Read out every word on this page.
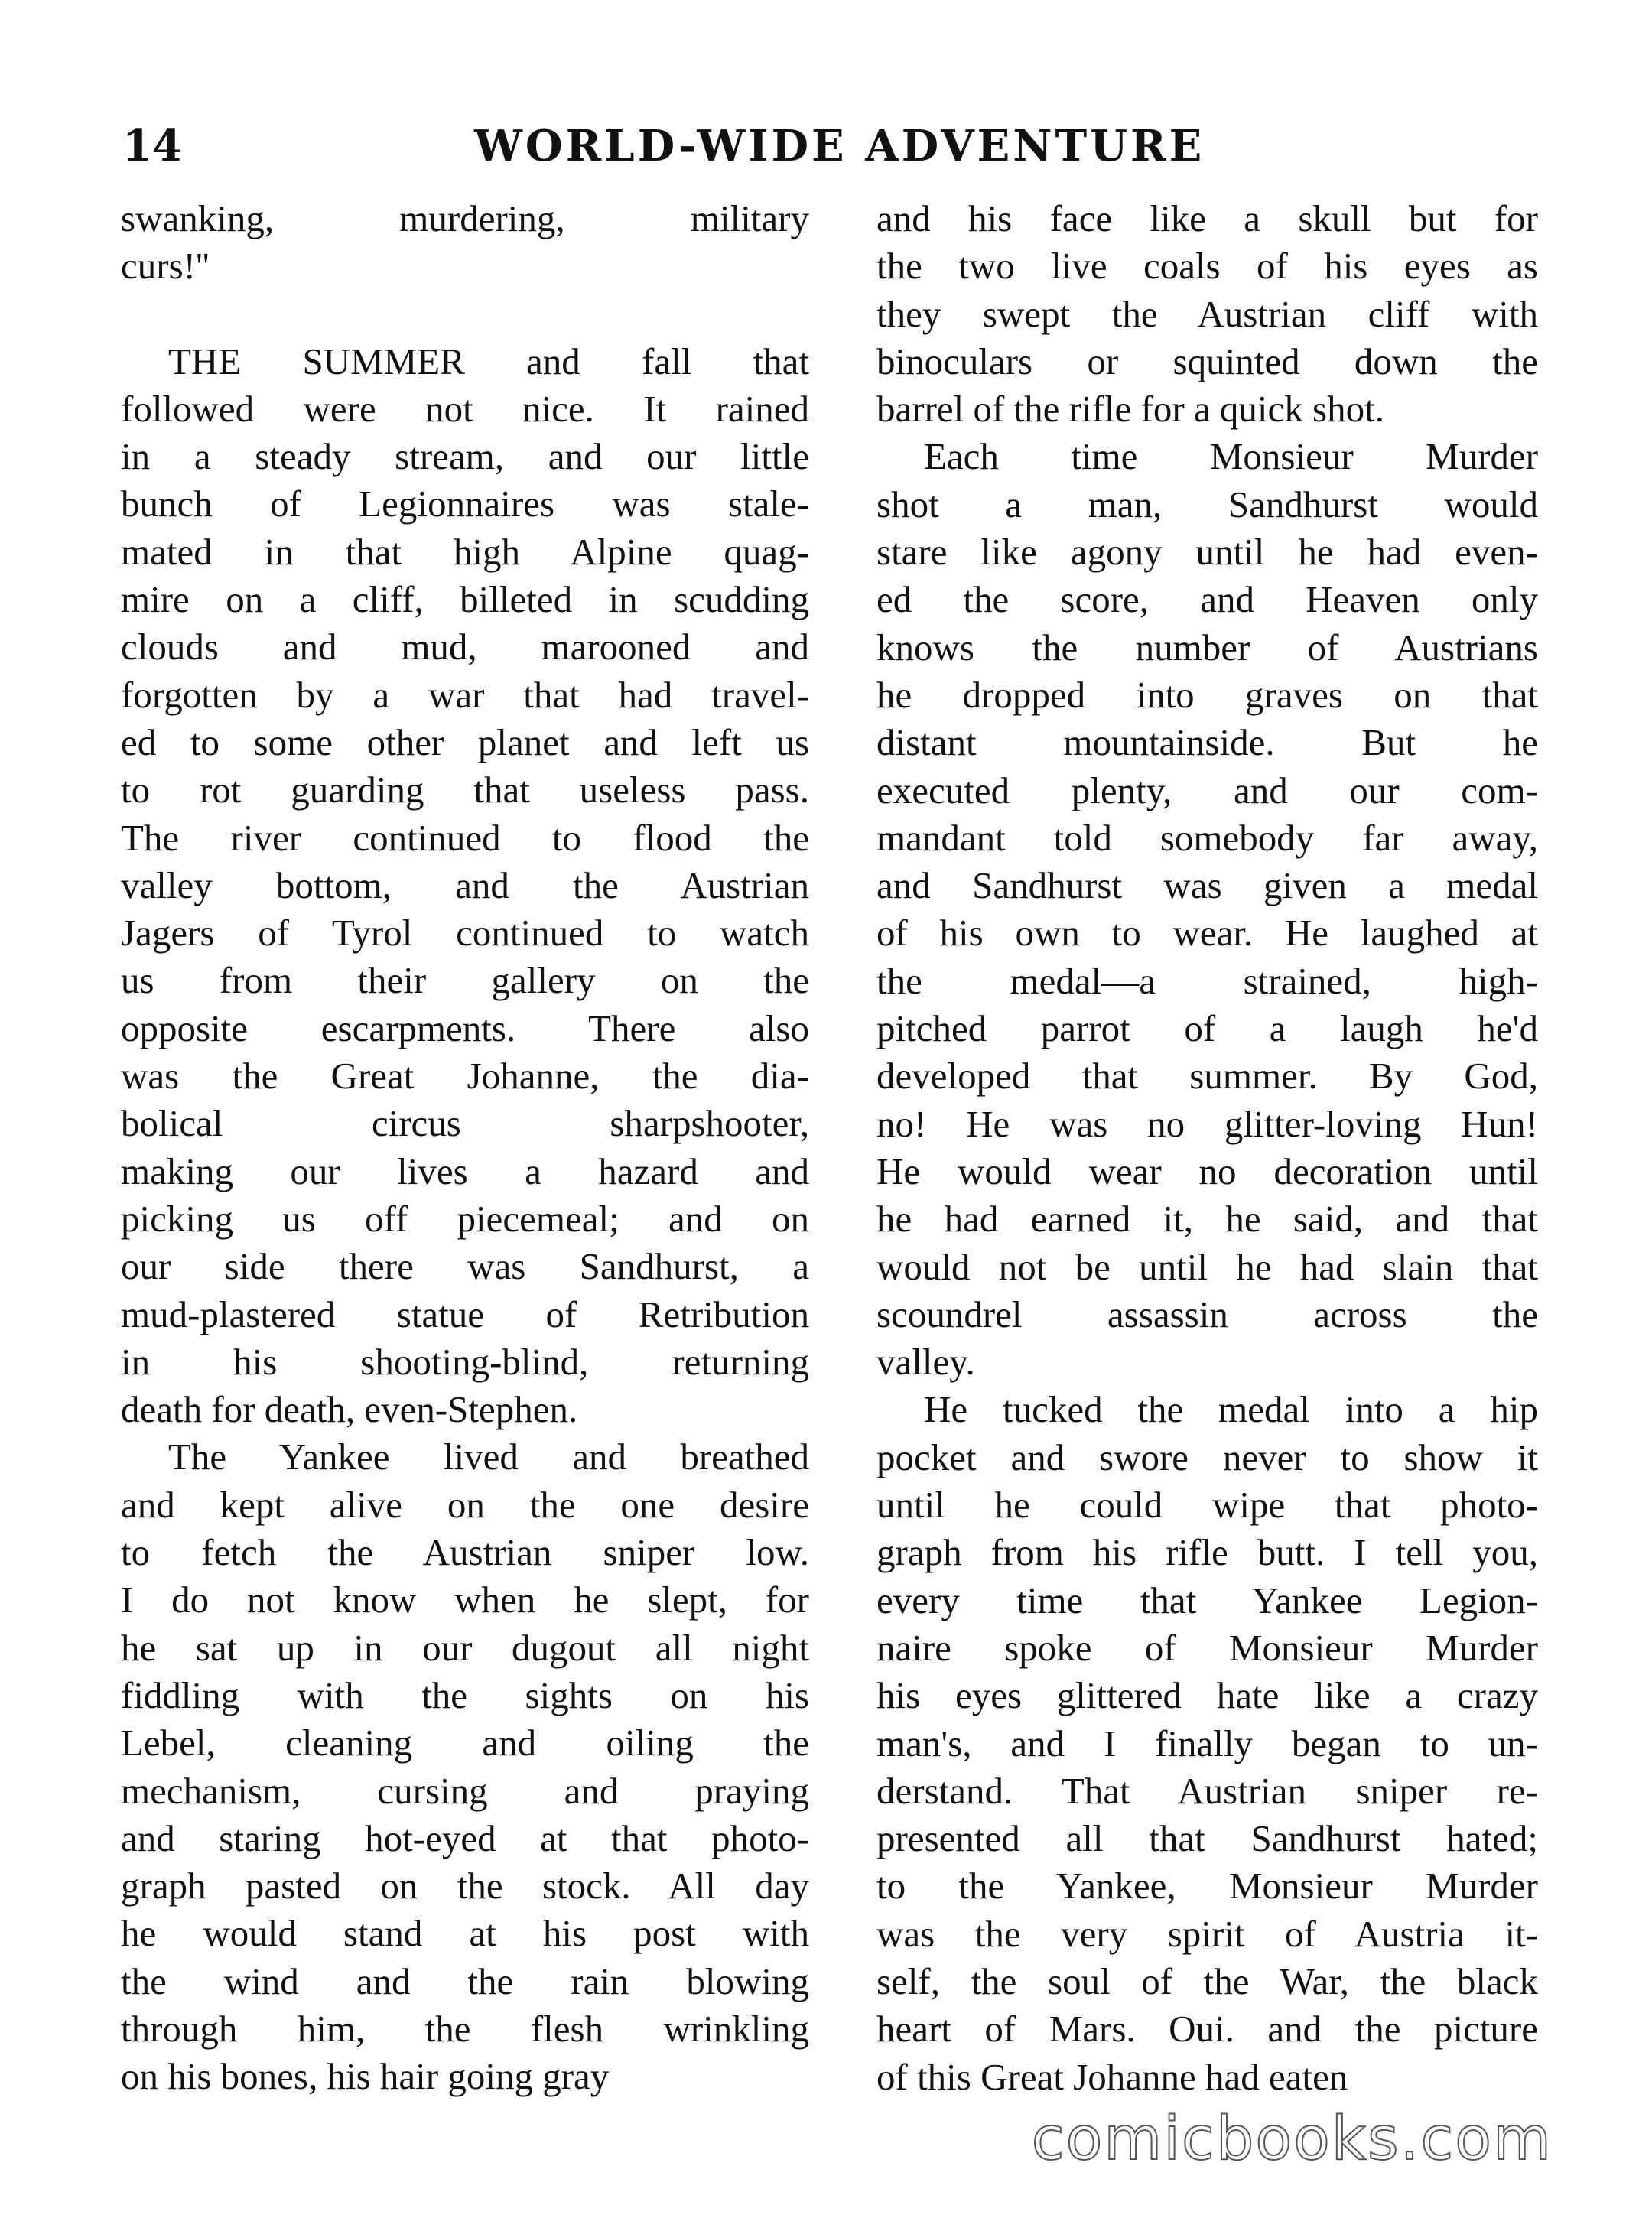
14	WORLD-WIDE ADVENTURE
swanking, murdering, military
curs!''
THE SUMMER and fall that
followed were not nice. It rained
in a steady stream, and our little
bunch of Legionnaires was stale-
mated in that high Alpine quag-
mire on a cliff, billeted in scudding
clouds and mud, marooned and
forgotten by a war that had travel-
ed to some other planet and left us
to rot guarding that useless pass.
The river continued to flood the
valley bottom, and the Austrian
Jagers of Tyrol continued to watch
us from their gallery on the
opposite escarpments. There also
was the Great Johanne, the dia-
bolical circus sharpshooter,
making our lives a hazard and
picking us off piecemeal; and on
our side there was Sandhurst, a
mud-plastered statue of Retribution
in his shooting-blind, returning
death for death, even-Stephen.
The Yankee lived and breathed
and kept alive on the one desire
to fetch the Austrian sniper low.
I do not know when he slept, for
he sat up in our dugout all night
fiddling with the sights on his
Lebel, cleaning and oiling the
mechanism, cursing and praying
and staring hot-eyed at that photo-
graph pasted on the stock. All day
he would stand at his post with
the wind and the rain blowing
through him, the flesh wrinkling
on his bones, his hair going gray
and his face like a skull but for
the two live coals of his eyes as
they swept the Austrian cliff with
binoculars or squinted down the
barrel of the rifle for a quick shot.
Each time Monsieur Murder
shot a man, Sandhurst would
stare like agony until he had even-
ed the score, and Heaven only
knows the number of Austrians
he dropped into graves on that
distant mountainside. But he
executed plenty, and our com-
mandant told somebody far away,
and Sandhurst was given a medal
of his own to wear. He laughed at
the medal—a strained, high-
pitched parrot of a laugh he'd
developed that summer. By God,
no! He was no glitter-loving Hun!
He would wear no decoration until
he had earned it, he said, and that
would not be until he had slain that
scoundrel assassin across the
valley.
He tucked the medal into a hip
pocket and swore never to show it
until he could wipe that photo-
graph from his rifle butt. I tell you,
every time that Yankee Legion-
naire spoke of Monsieur Murder
his eyes glittered hate like a crazy
man's, and I finally began to un-
derstand. That Austrian sniper re-
presented all that Sandhurst hated;
to the Yankee, Monsieur Murder
was the very spirit of Austria it-
self, the soul of the War, the black
heart of Mars. Oui. and the picture
of this Great Johanne had eaten
comicbooks.com
